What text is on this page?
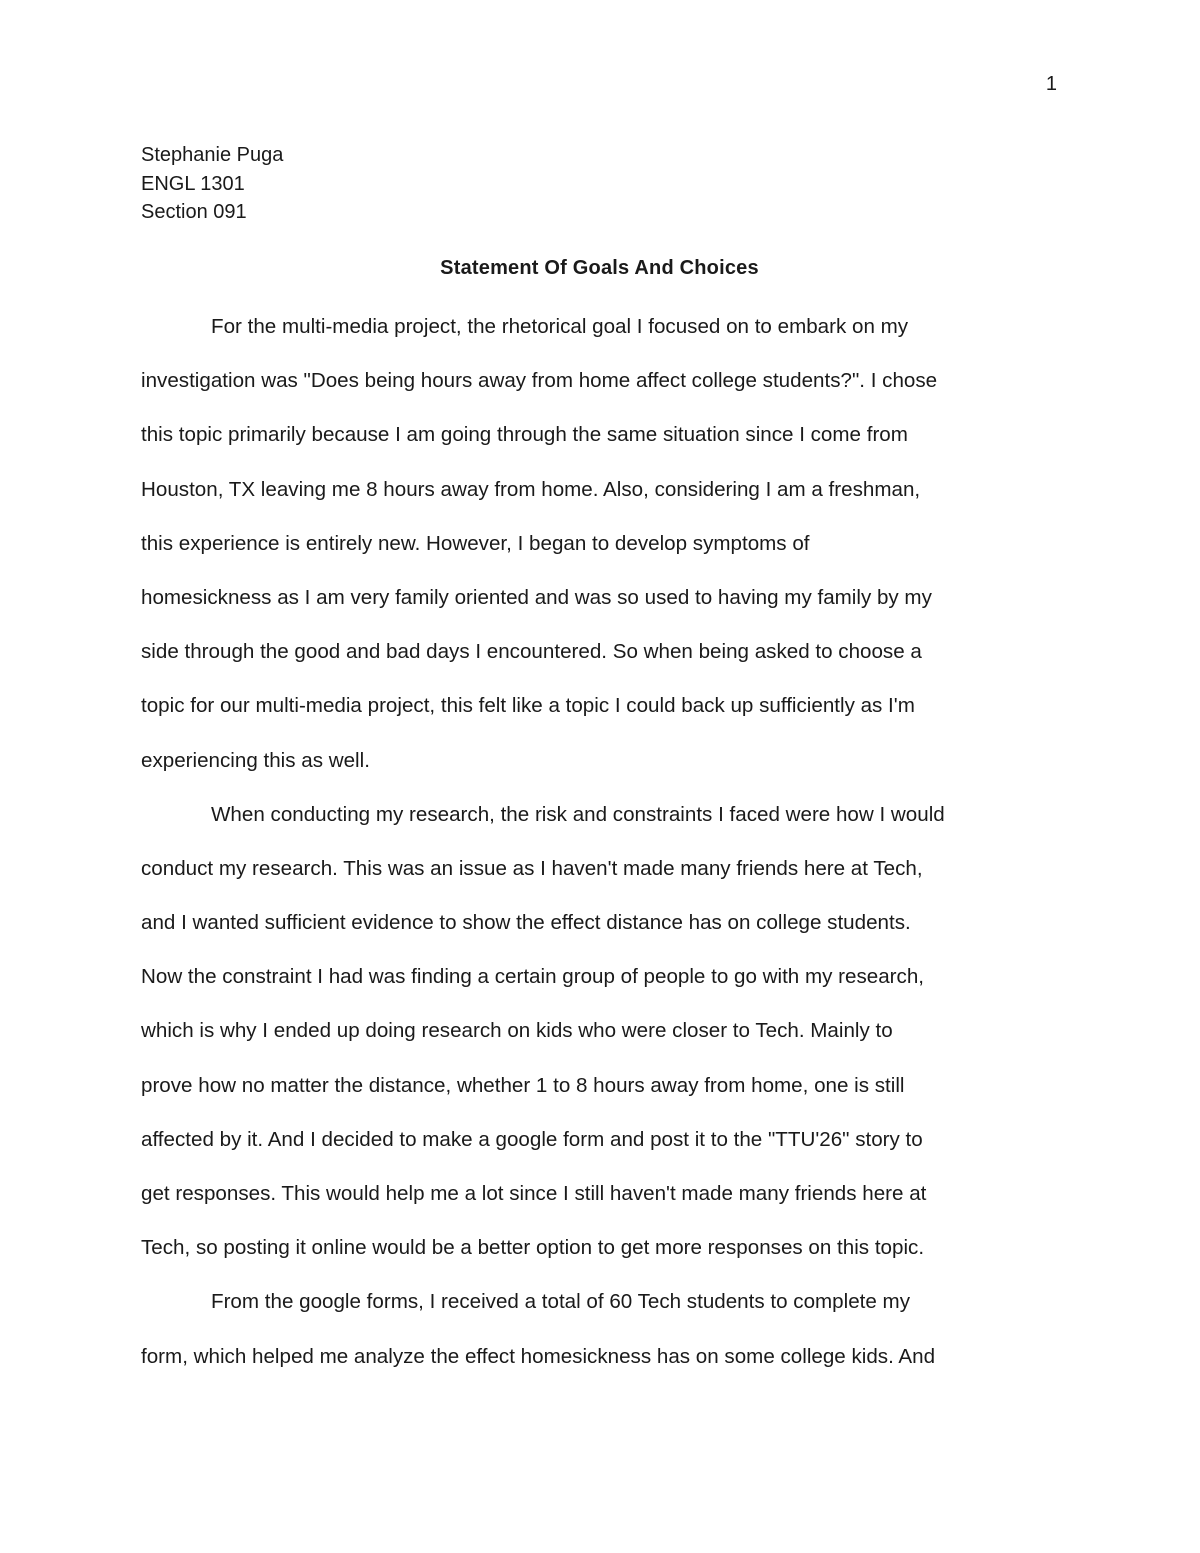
1
Stephanie Puga
ENGL 1301
Section 091
Statement Of Goals And Choices
For the multi-media project, the rhetorical goal I focused on to embark on my
investigation was "Does being hours away from home affect college students?". I chose
this topic primarily because I am going through the same situation since I come from
Houston, TX leaving me 8 hours away from home. Also, considering I am a freshman,
this experience is entirely new. However, I began to develop symptoms of
homesickness as I am very family oriented and was so used to having my family by my
side through the good and bad days I encountered. So when being asked to choose a
topic for our multi-media project, this felt like a topic I could back up sufficiently as I'm
experiencing this as well.
When conducting my research, the risk and constraints I faced were how I would
conduct my research. This was an issue as I haven't made many friends here at Tech,
and I wanted sufficient evidence to show the effect distance has on college students.
Now the constraint I had was finding a certain group of people to go with my research,
which is why I ended up doing research on kids who were closer to Tech. Mainly to
prove how no matter the distance, whether 1 to 8 hours away from home, one is still
affected by it. And I decided to make a google form and post it to the "TTU'26" story to
get responses. This would help me a lot since I still haven't made many friends here at
Tech, so posting it online would be a better option to get more responses on this topic.
From the google forms, I received a total of 60 Tech students to complete my
form, which helped me analyze the effect homesickness has on some college kids. And
